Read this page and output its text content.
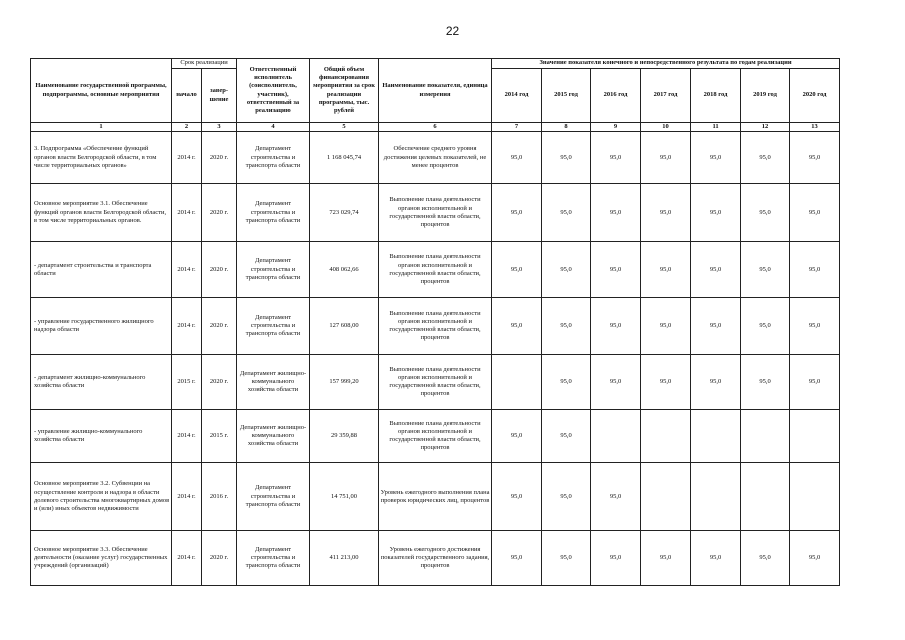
22
Наименование государственной программы, подпрограммы, основные мероприятия	Срок реализации		Ответственный исполнитель (соисполнитель, участник), ответственный за реализацию	Общий объем финансирования мероприятия за срок реализации программы, тыс. рублей	Наименование показателя, единица измерения	Значение показателя конечного и непосредственного результата по годам реализации						
	начало	завер-шение				2014 год	2015 год	2016 год	2017 год	2018 год	2019 год	2020 год
1	2	3	4	5	6	7	8	9	10	11	12	13
3. Подпрограмма «Обеспечение функций органов власти Белгородской области, в том числе территориальных органов»	2014 г.	2020 г.	Департамент строительства и транспорта области	1 168 045,74	Обеспечение среднего уровня достижения целевых показателей, не менее процентов	95,0	95,0	95,0	95,0	95,0	95,0	95,0
Основное мероприятие 3.1. Обеспечение функций органов власти Белгородской области, в том числе территориальных органов.	2014 г.	2020 г.	Департамент строительства и транспорта области	723 029,74	Выполнение плана деятельности органов исполнительной и государственной власти области, процентов	95,0	95,0	95,0	95,0	95,0	95,0	95,0
- департамент строительства и транспорта области	2014 г.	2020 г.	Департамент строительства и транспорта области	408 062,66	Выполнение плана деятельности органов исполнительной и государственной власти области, процентов	95,0	95,0	95,0	95,0	95,0	95,0	95,0
- управление государственного жилищного надзора области	2014 г.	2020 г.	Департамент строительства и транспорта области	127 608,00	Выполнение плана деятельности органов исполнительной и государственной власти области, процентов	95,0	95,0	95,0	95,0	95,0	95,0	95,0
- департамент жилищно-коммунального хозяйства области	2015 г.	2020 г.	Департамент жилищно-коммунального хозяйства области	157 999,20	Выполнение плана деятельности органов исполнительной и государственной власти области, процентов		95,0	95,0	95,0	95,0	95,0	95,0
- управление жилищно-коммунального хозяйства области	2014 г.	2015 г.	Департамент жилищно-коммунального хозяйства области	29 359,88	Выполнение плана деятельности органов исполнительной и государственной власти области, процентов	95,0	95,0					
Основное мероприятие 3.2. Субвенции на осуществление контроля и надзора в области долевого строительства многоквартирных домов и (или) иных объектов недвижимости	2014 г.	2016 г.	Департамент строительства и транспорта области	14 751,00	Уровень ежегодного выполнения плана проверок юридических лиц, процентов	95,0	95,0	95,0				
Основное мероприятие 3.3. Обеспечение деятельности (оказание услуг) государственных учреждений (организаций)	2014 г.	2020 г.	Департамент строительства и транспорта области	411 213,00	Уровень ежегодного достижения показателей государственного задания, процентов	95,0	95,0	95,0	95,0	95,0	95,0	95,0
